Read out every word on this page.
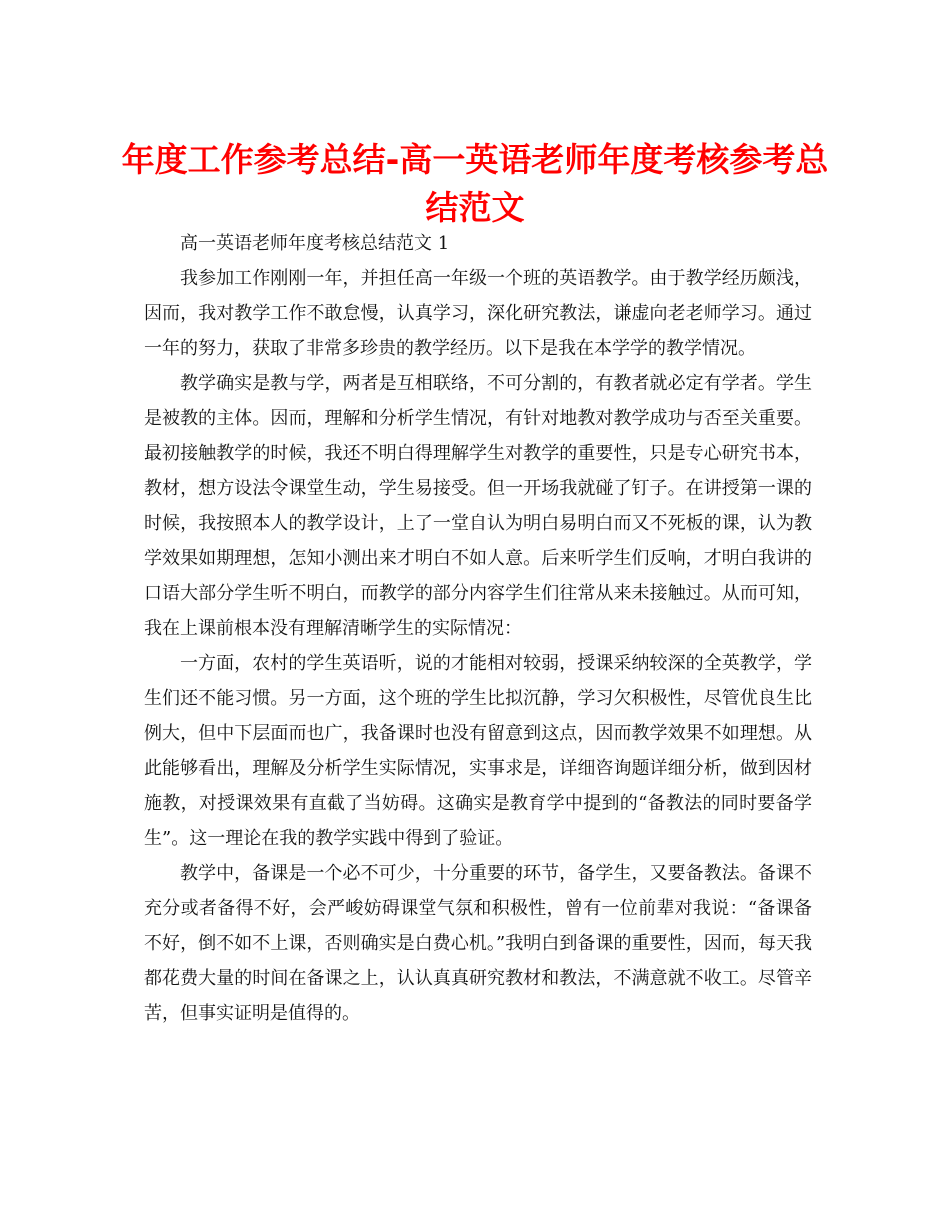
年度工作参考总结-高一英语老师年度考核参考总结范文

高一英语老师年度考核总结范文 1

我参加工作刚刚一年，并担任高一年级一个班的英语教学。由于教学经历颇浅，因而，我对教学工作不敢怠慢，认真学习，深化研究教法，谦虚向老老师学习。通过一年的努力，获取了非常多珍贵的教学经历。以下是我在本学学的教学情况。

教学确实是教与学，两者是互相联络，不可分割的，有教者就必定有学者。学生是被教的主体。因而，理解和分析学生情况，有针对地教对教学成功与否至关重要。最初接触教学的时候，我还不明白得理解学生对教学的重要性，只是专心研究书本，教材，想方设法令课堂生动，学生易接受。但一开场我就碰了钉子。在讲授第一课的时候，我按照本人的教学设计，上了一堂自认为明白易明白而又不死板的课，认为教学效果如期理想，怎知小测出来才明白不如人意。后来听学生们反响，才明白我讲的口语大部分学生听不明白，而教学的部分内容学生们往常从来未接触过。从而可知，我在上课前根本没有理解清晰学生的实际情况：

一方面，农村的学生英语听，说的才能相对较弱，授课采纳较深的全英教学，学生们还不能习惯。另一方面，这个班的学生比拟沉静，学习欠积极性，尽管优良生比例大，但中下层面而也广，我备课时也没有留意到这点，因而教学效果不如理想。从此能够看出，理解及分析学生实际情况，实事求是，详细咨询题详细分析，做到因材施教，对授课效果有直截了当妨碍。这确实是教育学中提到的“备教法的同时要备学生”。这一理论在我的教学实践中得到了验证。

教学中，备课是一个必不可少，十分重要的环节，备学生，又要备教法。备课不充分或者备得不好，会严峻妨碍课堂气氛和积极性，曾有一位前辈对我说：“备课备不好，倒不如不上课，否则确实是白费心机。”我明白到备课的重要性，因而，每天我都花费大量的时间在备课之上，认认真真研究教材和教法，不满意就不收工。尽管辛苦，但事实证明是值得的。
